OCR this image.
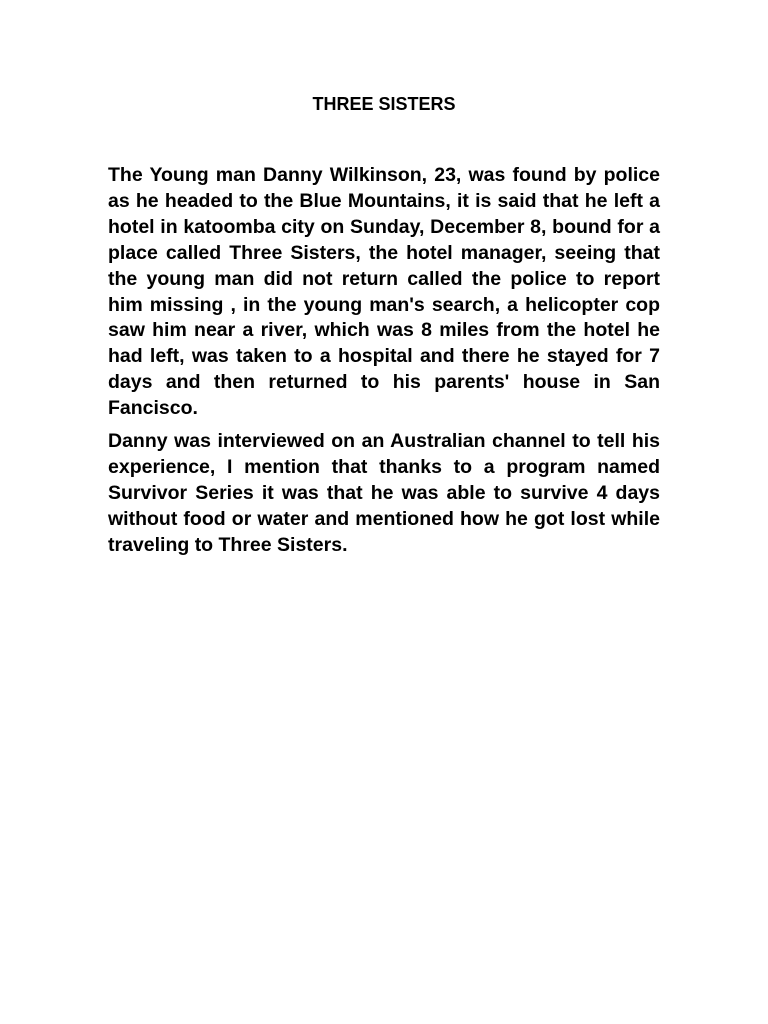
THREE SISTERS

The Young man Danny Wilkinson, 23, was found by police as he headed to the Blue Mountains, it is said that he left a hotel in katoomba city on Sunday, December 8, bound for a place called Three Sisters, the hotel manager, seeing that the young man did not return called the police to report him missing , in the young man's search, a helicopter cop saw him near a river, which was 8 miles from the hotel he had left, was taken to a hospital and there he stayed for 7 days and then returned to his parents' house in San Fancisco.

Danny was interviewed on an Australian channel to tell his experience, I mention that thanks to a program named Survivor Series it was that he was able to survive 4 days without food or water and mentioned how he got lost while traveling to Three Sisters.
